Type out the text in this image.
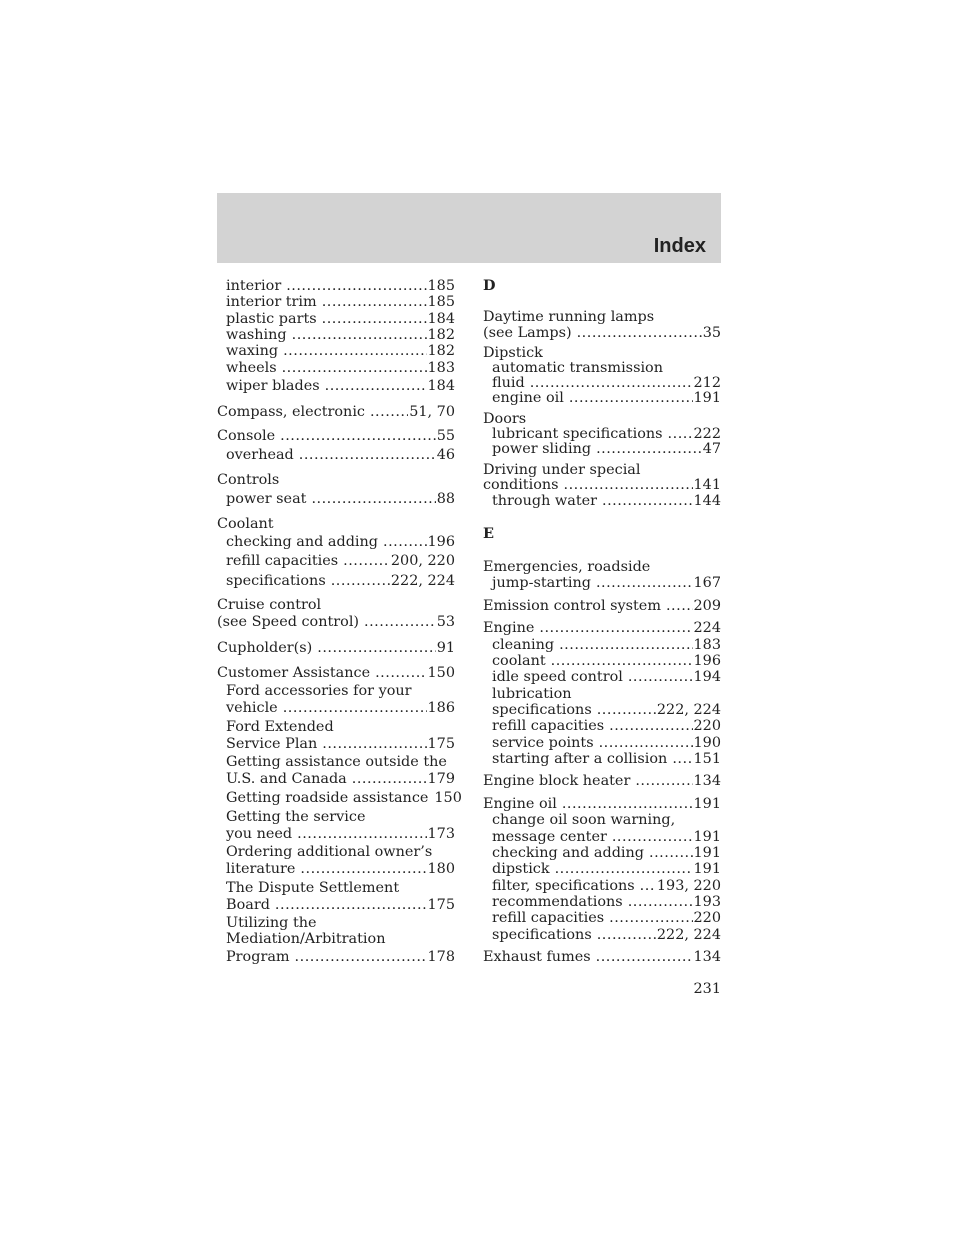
Index
interior .....	185
interior trim .....	185
plastic parts .....	184
washing .....	182
waxing .....	182
wheels .....	183
wiper blades .....	184
Compass, electronic .....	51, 70
Console .....	55
overhead .....	46
Controls
power seat .....	88
Coolant
checking and adding .....	196
refill capacities .....	200, 220
specifications .....	222, 224
Cruise control
(see Speed control) .....	53
Cupholder(s) .....	91
Customer Assistance .....	150
Ford accessories for your
vehicle .....	186
Ford Extended
Service Plan .....	175
Getting assistance outside the
U.S. and Canada .....	179
Getting roadside assistance 150
Getting the service
you need .....	173
Ordering additional owner’s
literature .....	180
The Dispute Settlement
Board .....	175
Utilizing the
Mediation/Arbitration
Program .....	178
D
Daytime running lamps
(see Lamps) .....	35
Dipstick
automatic transmission
fluid .....	212
engine oil .....	191
Doors
lubricant specifications ..... 222
power sliding .....	47
Driving under special
conditions .....	141
through water .....	144
E
Emergencies, roadside
jump-starting .....	167
Emission control system ..... 209
Engine .....	224
cleaning .....	183
coolant .....	196
idle speed control .....	194
lubrication
specifications .....	222, 224
refill capacities .....	220
service points .....	190
starting after a collision ..... 151
Engine block heater .....	134
Engine oil .....	191
change oil soon warning,
message center .....	191
checking and adding .....	191
dipstick .....	191
filter, specifications ..... 193, 220
recommendations .....	193
refill capacities .....	220
specifications .....	222, 224
Exhaust fumes .....	134
231
